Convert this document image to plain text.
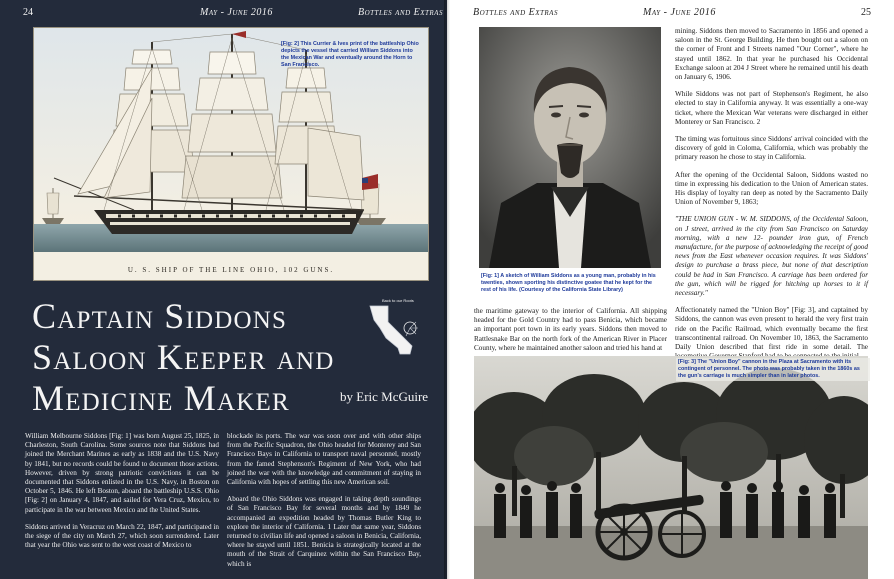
24	May - June 2016	Bottles and Extras
U. S. SHIP OF THE LINE OHIO, 102 GUNS.
[Fig: 2] This Currier & Ives print of the battleship Ohio depicts the vessel that carried William Siddons into the Mexican War and eventually around the Horn to San Francisco.
Back to our Roots
Captain Siddons
Saloon Keeper and
Medicine Maker	by Eric McGuire

William Melbourne Siddons [Fig: 1] was born August 25, 1825, in Charleston, South Carolina. Some sources note that Siddons had joined the Merchant Marines as early as 1838 and the U.S. Navy by 1841, but no records could be found to document those actions. However, driven by strong patriotic convictions it can be documented that Siddons enlisted in the U.S. Navy, in Boston on October 5, 1846. He left Boston, aboard the battleship U.S.S. Ohio [Fig: 2] on January 4, 1847, and sailed for Vera Cruz, Mexico, to participate in the war between Mexico and the United States.

Siddons arrived in Veracruz on March 22, 1847, and participated in the siege of the city on March 27, which soon surrendered. Later that year the Ohio was sent to the west coast of Mexico to

blockade its ports. The war was soon over and with other ships from the Pacific Squadron, the Ohio headed for Monterey and San Francisco Bays in California to transport naval personnel, mostly from the famed Stephenson's Regiment of New York, who had joined the war with the knowledge and commitment of staying in California with hopes of settling this new American soil.

Aboard the Ohio Siddons was engaged in taking depth soundings of San Francisco Bay for several months and by 1849 he accompanied an expedition headed by Thomas Butler King to explore the interior of California. 1 Later that same year, Siddons returned to civilian life and opened a saloon in Benicia, California, where he stayed until 1851. Benicia is strategically located at the mouth of the Strait of Carquinez within the San Francisco Bay, which is

Bottles and Extras	May - June 2016	25
[Fig: 1] A sketch of William Siddons as a young man, probably in his twenties, shown sporting his distinctive goatee that he kept for the rest of his life. (Courtesy of the California State Library)

the maritime gateway to the interior of California. All shipping headed for the Gold Country had to pass Benicia, which became an important port town in its early years. Siddons then moved to Rattlesnake Bar on the north fork of the American River in Placer County, where he maintained another saloon and tried his hand at

mining. Siddons then moved to Sacramento in 1856 and opened a saloon in the St. George Building. He then bought out a saloon on the corner of Front and I Streets named "Our Corner", where he stayed until 1862. In that year he purchased his Occidental Exchange saloon at 204 J Street where he remained until his death on January 6, 1906.

While Siddons was not part of Stephenson's Regiment, he also elected to stay in California anyway. It was essentially a one-way ticket, where the Mexican War veterans were discharged in either Monterey or San Francisco. 2

The timing was fortuitous since Siddons' arrival coincided with the discovery of gold in Coloma, California, which was probably the primary reason he chose to stay in California.

After the opening of the Occidental Saloon, Siddons wasted no time in expressing his dedication to the Union of American states. His display of loyalty ran deep as noted by the Sacramento Daily Union of November 9, 1863;

"THE UNION GUN - W. M. SIDDONS, of the Occidental Saloon, on J street, arrived in the city from San Francisco on Saturday morning, with a new 12- pounder iron gun, of French manufacture, for the purpose of acknowledging the receipt of good news from the East whenever occasion requires. It was Siddons' design to purchase a brass piece, but none of that description could be had in San Francisco. A carriage has been ordered for the gun, which will be rigged for hitching up horses to it if necessary."

Affectionately named the "Union Boy" [Fig: 3], and captained by Siddons, the cannon was even present to herald the very first train ride on the Pacific Railroad, which eventually became the first transcontinental railroad. On November 10, 1863, the Sacramento Daily Union described that first ride in some detail. The

[Fig: 3] The "Union Boy" cannon in the Plaza at Sacramento with its contingent of personnel. The photo was probably taken in the 1860s as the gun's carriage is much simpler than in later photos.
